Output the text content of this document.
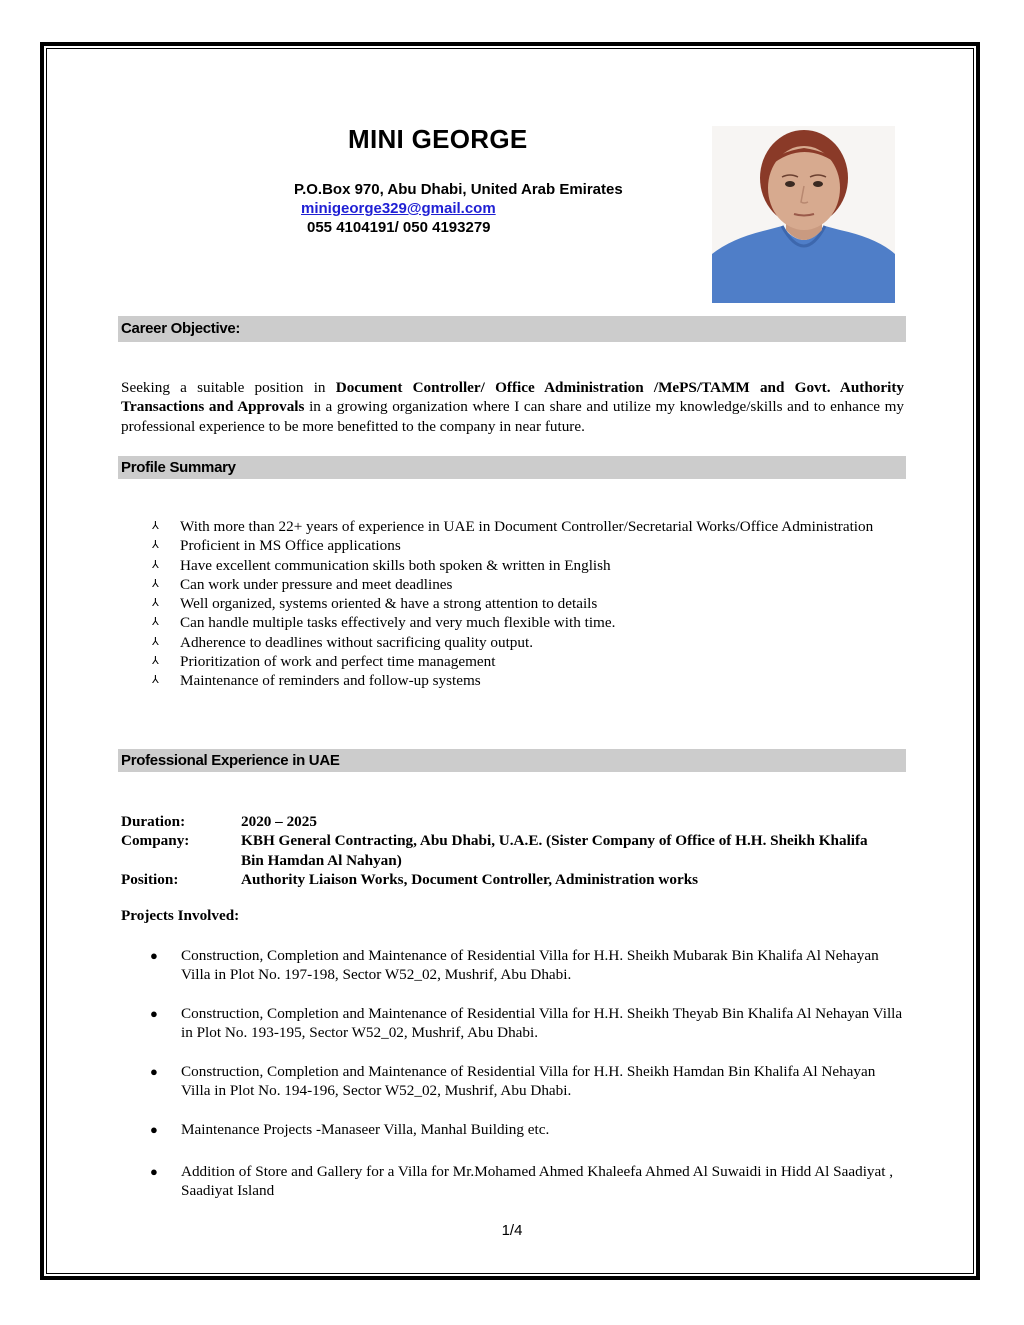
MINI GEORGE
P.O.Box 970, Abu Dhabi, United Arab Emirates
minigeorge329@gmail.com
055 4104191/ 050 4193279
Career Objective:
Seeking a suitable position in Document Controller/ Office Administration /MePS/TAMM and Govt. Authority Transactions and Approvals in a growing organization where I can share and utilize my knowledge/skills and to enhance my professional experience to be more benefitted to the company in near future.
Profile Summary
⅄ With more than 22+ years of experience in UAE in Document Controller/Secretarial Works/Office Administration
⅄ Proficient in MS Office applications
⅄ Have excellent communication skills both spoken & written in English
⅄ Can work under pressure and meet deadlines
⅄ Well organized, systems oriented & have a strong attention to details
⅄ Can handle multiple tasks effectively and very much flexible with time.
⅄ Adherence to deadlines without sacrificing quality output.
⅄ Prioritization of work and perfect time management
⅄ Maintenance of reminders and follow-up systems
Professional Experience in UAE
Duration:	2020 – 2025
Company:	KBH General Contracting, Abu Dhabi, U.A.E. (Sister Company of Office of H.H. Sheikh Khalifa Bin Hamdan Al Nahyan)
Position:	Authority Liaison Works, Document Controller, Administration works
Projects Involved:
● Construction, Completion and Maintenance of Residential Villa for H.H. Sheikh Mubarak Bin Khalifa Al Nehayan Villa in Plot No. 197-198, Sector W52_02, Mushrif, Abu Dhabi.
● Construction, Completion and Maintenance of Residential Villa for H.H. Sheikh Theyab Bin Khalifa Al Nehayan Villa in Plot No. 193-195, Sector W52_02, Mushrif, Abu Dhabi.
● Construction, Completion and Maintenance of Residential Villa for H.H. Sheikh Hamdan Bin Khalifa Al Nehayan Villa in Plot No. 194-196, Sector W52_02, Mushrif, Abu Dhabi.
● Maintenance Projects -Manaseer Villa, Manhal Building etc.
● Addition of Store and Gallery for a Villa for Mr.Mohamed Ahmed Khaleefa Ahmed Al Suwaidi in Hidd Al Saadiyat , Saadiyat Island
1/4
